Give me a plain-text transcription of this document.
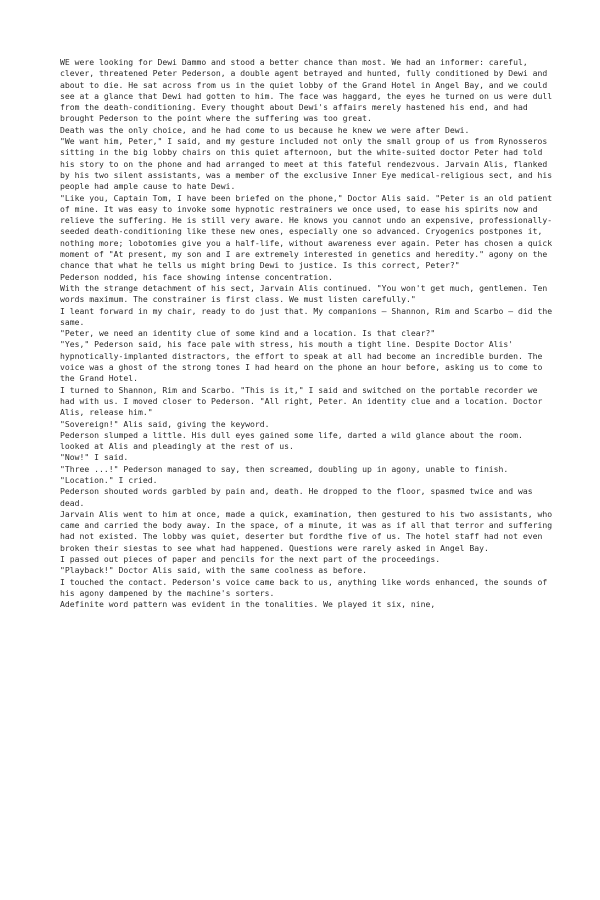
WE were looking for Dewi Dammo and stood a better chance than most. We had an informer: careful, clever, threatened Peter Pederson, a double agent betrayed and hunted, fully conditioned by Dewi and about to die. He sat across from us in the quiet lobby of the Grand Hotel in Angel Bay, and we could see at a glance that Dewi had gotten to him. The face was haggard, the eyes he turned on us were dull from the death-conditioning. Every thought about Dewi's affairs merely hastened his end, and had brought Pederson to the point where the suffering was too great.

Death was the only choice, and he had come to us because he knew we were after Dewi.

"We want him, Peter," I said, and my gesture included not only the small group of us from Rynosseros sitting in the big lobby chairs on this quiet afternoon, but the white-suited doctor Peter had told his story to on the phone and had arranged to meet at this fateful rendezvous. Jarvain Alis, flanked by his two silent assistants, was a member of the exclusive Inner Eye medical-religious sect, and his people had ample cause to hate Dewi.

"Like you, Captain Tom, I have been briefed on the phone," Doctor Alis said. "Peter is an old patient of mine. It was easy to invoke some hypnotic restrainers we once used, to ease his spirits now and relieve the suffering. He is still very aware. He knows you cannot undo an expensive, professionally-seeded death-conditioning like these new ones, especially one so advanced. Cryogenics postpones it, nothing more; lobotomies give you a half-life, without awareness ever again. Peter has chosen a quick moment of "At present, my son and I are extremely interested in genetics and heredity." agony on the chance that what he tells us might bring Dewi to justice. Is this correct, Peter?"

Pederson nodded, his face showing intense concentration.

With the strange detachment of his sect, Jarvain Alis continued. "You won't get much, gentlemen. Ten words maximum. The constrainer is first class. We must listen carefully."

I leant forward in my chair, ready to do just that. My companions — Shannon, Rim and Scarbo — did the same.

"Peter, we need an identity clue of some kind and a location. Is that clear?"

"Yes," Pederson said, his face pale with stress, his mouth a tight line. Despite Doctor Alis' hypnotically-implanted distractors, the effort to speak at all had become an incredible burden. The voice was a ghost of the strong tones I had heard on the phone an hour before, asking us to come to the Grand Hotel.

I turned to Shannon, Rim and Scarbo. "This is it," I said and switched on the portable recorder we had with us. I moved closer to Pederson. "All right, Peter. An identity clue and a location. Doctor Alis, release him."

"Sovereign!" Alis said, giving the keyword.

Pederson slumped a little. His dull eyes gained some life, darted a wild glance about the room. looked at Alis and pleadingly at the rest of us.

"Now!" I said.

"Three ...!" Pederson managed to say, then screamed, doubling up in agony, unable to finish. "Location." I cried.

Pederson shouted words garbled by pain and, death. He dropped to the floor, spasmed twice and was dead.

Jarvain Alis went to him at once, made a quick, examination, then gestured to his two assistants, who came and carried the body away. In the space, of a minute, it was as if all that terror and suffering had not existed. The lobby was quiet, deserter but fordthe five of us. The hotel staff had not even broken their siestas to see what had happened. Questions were rarely asked in Angel Bay.

I passed out pieces of paper and pencils for the next part of the proceedings.

"Playback!" Doctor Alis said, with the same coolness as before.

I touched the contact. Pederson's voice came back to us, anything like words enhanced, the sounds of his agony dampened by the machine's sorters.

Adefinite word pattern was evident in the tonalities. We played it six, nine,
